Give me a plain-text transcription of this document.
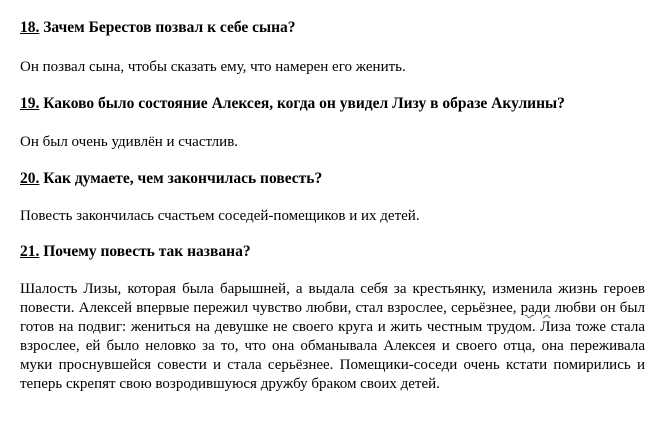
18. Зачем Берестов позвал к себе сына?
Он позвал сына, чтобы сказать ему, что намерен его женить.
19. Каково было состояние Алексея, когда он увидел Лизу в образе Акулины?
Он был очень удивлён и счастлив.
20. Как думаете, чем закончилась повесть?
Повесть закончилась счастьем соседей-помещиков и их детей.
21. Почему повесть так названа?
Шалость Лизы, которая была барышней, а выдала себя за крестьянку, изменила жизнь героев повести. Алексей впервые пережил чувство любви, стал взрослее, серьёзнее, ради любви он был готов на подвиг: жениться на девушке не своего круга и жить честным трудом. Лиза тоже стала взрослее, ей было неловко за то, что она обманывала Алексея и своего отца, она переживала муки проснувшейся совести и стала серьёзнее. Помещики-соседи очень кстати помирились и теперь скрепят свою возродившуюся дружбу браком своих детей.
